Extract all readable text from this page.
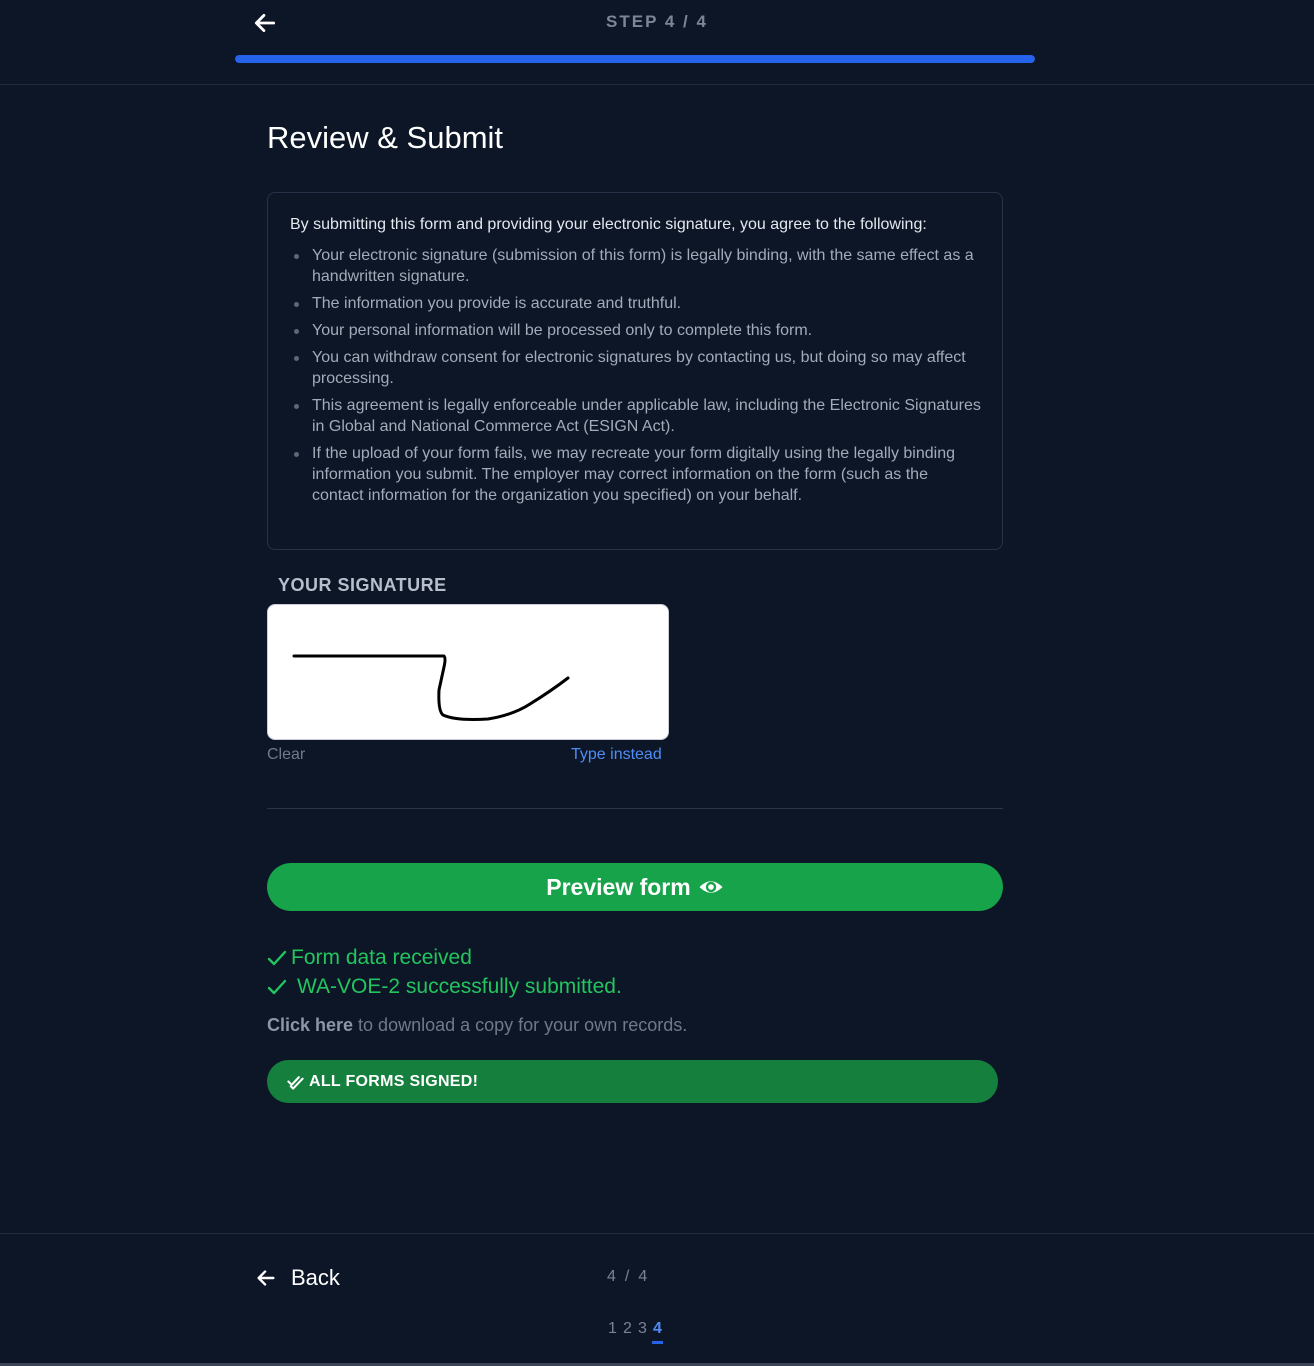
STEP 4 / 4
Review & Submit

By submitting this form and providing your electronic signature, you agree to the following:

Your electronic signature (submission of this form) is legally binding, with the same effect as a handwritten signature.
The information you provide is accurate and truthful.
Your personal information will be processed only to complete this form.
You can withdraw consent for electronic signatures by contacting us, but doing so may affect processing.
This agreement is legally enforceable under applicable law, including the Electronic Signatures in Global and National Commerce Act (ESIGN Act).
If the upload of your form fails, we may recreate your form digitally using the legally binding information you submit. The employer may correct information on the form (such as the contact information for the organization you specified) on your behalf.
YOUR SIGNATURE
Clear	Type instead
Preview form
Form data received
WA-VOE-2 successfully submitted.
Click here to download a copy for your own records.
ALL FORMS SIGNED!
Back	4 / 4
1 2 3 4
